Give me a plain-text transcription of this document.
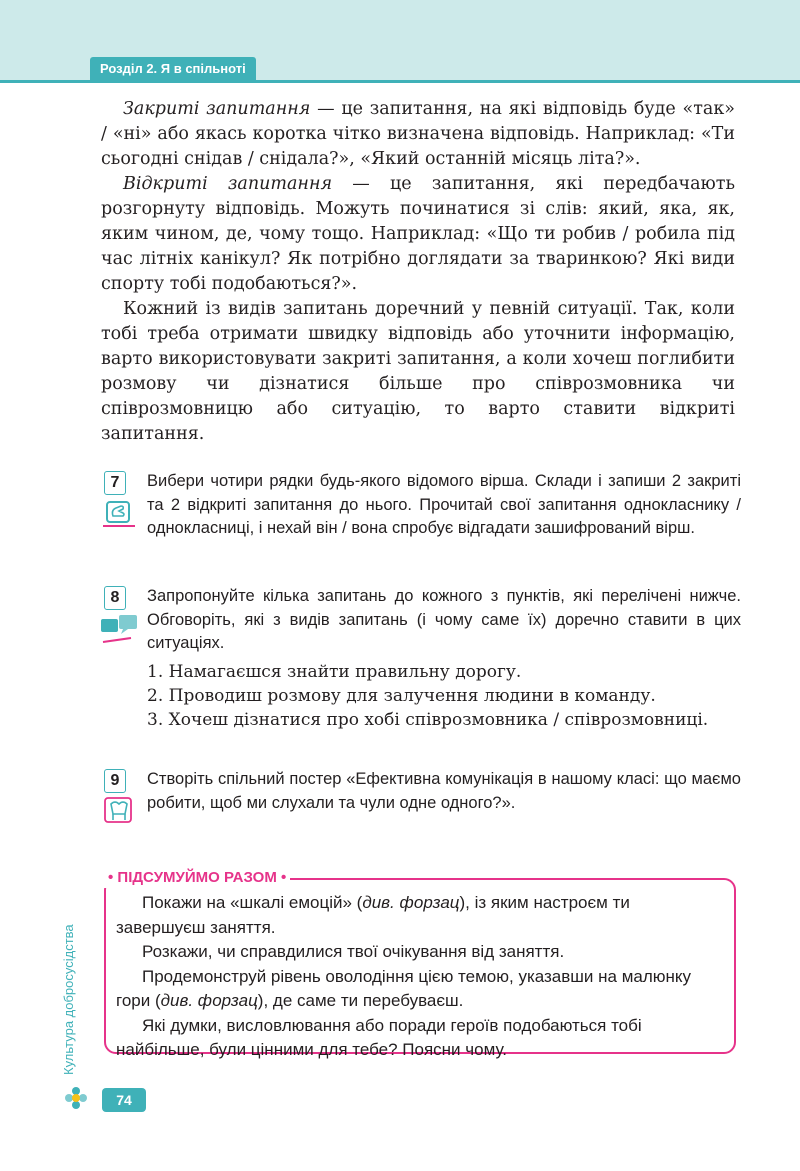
Розділ 2. Я в спільноті

Закриті запитання — це запитання, на які відповідь буде «так» / «ні» або якась коротка чітко визначена відповідь. Наприклад: «Ти сьогодні снідав / снідала?», «Який останній місяць літа?».

Відкриті запитання — це запитання, які передбачають розгорнуту відповідь. Можуть починатися зі слів: який, яка, як, яким чином, де, чому тощо. Наприклад: «Що ти робив / робила під час літніх канікул? Як потрібно доглядати за тваринкою? Які види спорту тобі подобаються?».

Кожний із видів запитань доречний у певній ситуації. Так, коли тобі треба отримати швидку відповідь або уточнити інформацію, варто використовувати закриті запитання, а коли хочеш поглибити розмову чи дізнатися більше про співрозмовника чи співрозмовницю або ситуацію, то варто ставити відкриті запитання.

7	Вибери чотири рядки будь-якого відомого вірша. Склади і запиши 2 закриті та 2 відкриті запитання до нього. Прочитай свої запитання однокласнику / однокласниці, і нехай він / вона спробує відгадати зашифрований вірш.
8	Запропонуйте кілька запитань до кожного з пунктів, які перелічені нижче. Обговоріть, які з видів запитань (і чому саме їх) доречно ставити в цих ситуаціях.
1. Намагаєшся знайти правильну дорогу.
2. Проводиш розмову для залучення людини в команду.
3. Хочеш дізнатися про хобі співрозмовника / співрозмовниці.
9	Створіть спільний постер «Ефективна комунікація в нашому класі: що маємо робити, щоб ми слухали та чули одне одного?».
• ПІДСУМУЙМО РАЗОМ •

Покажи на «шкалі емоцій» (див. форзац), із яким настроєм ти завершуєш заняття.

Розкажи, чи справдилися твої очікування від заняття.

Продемонструй рівень оволодіння цією темою, указавши на малюнку гори (див. форзац), де саме ти перебуваєш.

Які думки, висловлювання або поради героїв подобаються тобі найбільше, були цінними для тебе? Поясни чому.

Культура добросусідства
74
